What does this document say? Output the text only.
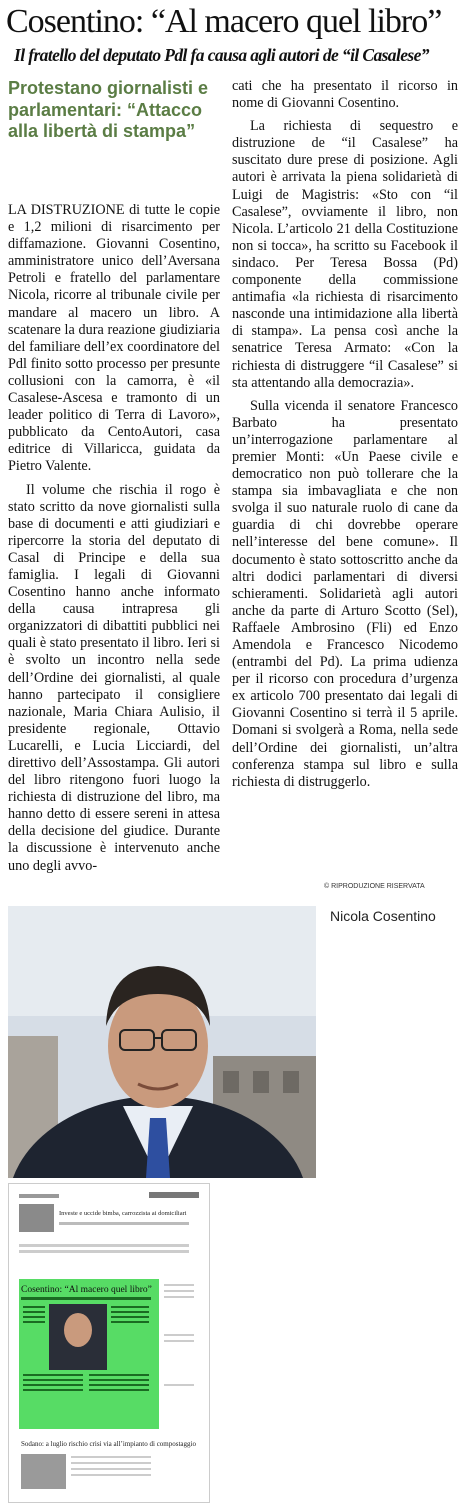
Cosentino: “Al macero quel libro”
Il fratello del deputato Pdl fa causa agli autori de “il Casalese”
Protestano giornalisti e parlamentari: “Attacco alla libertà di stampa”

LA DISTRUZIONE di tutte le copie e 1,2 milioni di risarcimento per diffamazione. Giovanni Cosentino, amministratore unico dell’Aversana Petroli e fratello del parlamentare Nicola, ricorre al tribunale civile per mandare al macero un libro. A scatenare la dura reazione giudiziaria del familiare dell’ex coordinatore del Pdl finito sotto processo per presunte collusioni con la camorra, è «il Casalese-Ascesa e tramonto di un leader politico di Terra di Lavoro», pubblicato da CentoAutori, casa editrice di Villaricca, guidata da Pietro Valente.

Il volume che rischia il rogo è stato scritto da nove giornalisti sulla base di documenti e atti giudiziari e ripercorre la storia del deputato di Casal di Principe e della sua famiglia. I legali di Giovanni Cosentino hanno anche informato della causa intrapresa gli organizzatori di dibattiti pubblici nei quali è stato presentato il libro. Ieri si è svolto un incontro nella sede dell’Ordine dei giornalisti, al quale hanno partecipato il consigliere nazionale, Maria Chiara Aulisio, il presidente regionale, Ottavio Lucarelli, e Lucia Licciardi, del direttivo dell’Assostampa. Gli autori del libro ritengono fuori luogo la richiesta di distruzione del libro, ma hanno detto di essere sereni in attesa della decisione del giudice. Durante la discussione è intervenuto anche uno degli avvo-

cati che ha presentato il ricorso in nome di Giovanni Cosentino.

La richiesta di sequestro e distruzione de “il Casalese” ha suscitato dure prese di posizione. Agli autori è arrivata la piena solidarietà di Luigi de Magistris: «Sto con “il Casalese”, ovviamente il libro, non Nicola. L’articolo 21 della Costituzione non si tocca», ha scritto su Facebook il sindaco. Per Teresa Bossa (Pd) componente della commissione antimafia «la richiesta di risarcimento nasconde una intimidazione alla libertà di stampa». La pensa così anche la senatrice Teresa Armato: «Con la richiesta di distruggere “il Casalese” si sta attentando alla democrazia».

Sulla vicenda il senatore Francesco Barbato ha presentato un’interrogazione parlamentare al premier Monti: «Un Paese civile e democratico non può tollerare che la stampa sia imbavagliata e che non svolga il suo naturale ruolo di cane da guardia di chi dovrebbe operare nell’interesse del bene comune». Il documento è stato sottoscritto anche da altri dodici parlamentari di diversi schieramenti. Solidarietà agli autori anche da parte di Arturo Scotto (Sel), Raffaele Ambrosino (Fli) ed Enzo Amendola e Francesco Nicodemo (entrambi del Pd). La prima udienza per il ricorso con procedura d’urgenza ex articolo 700 presentato dai legali di Giovanni Cosentino si terrà il 5 aprile. Domani si svolgerà a Roma, nella sede dell’Ordine dei giornalisti, un’altra conferenza stampa sul libro e sulla richiesta di distruggerlo.

© RIPRODUZIONE RISERVATA
Nicola Cosentino
Investe e uccide bimba, carrozzista ai domiciliari
Cosentino: “Al macero quel libro”
Sodano: a luglio rischio crisi via all’impianto di compostaggio
